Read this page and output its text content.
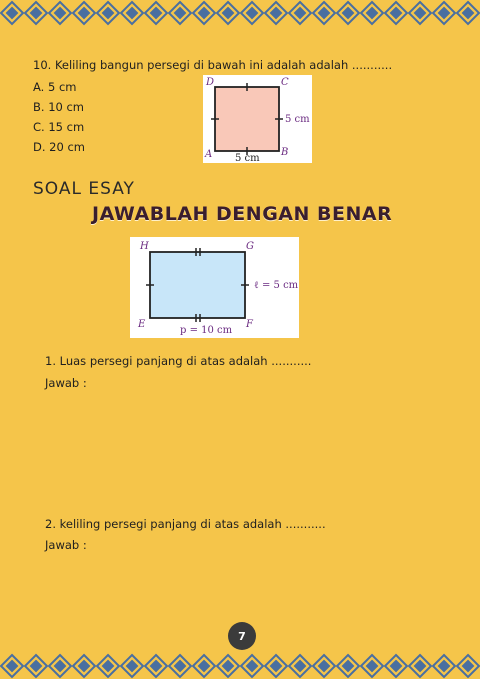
10. Keliling bangun persegi di bawah ini adalah adalah ...........
A. 5 cm
B. 10 cm
C. 15 cm
D. 20 cm
D	C
A	B
5 cm
5 cm
SOAL ESAY
JAWABLAH DENGAN BENAR
H	G
E	F
ℓ = 5 cm
p = 10 cm
1. Luas persegi panjang di atas adalah ...........
Jawab :
2. keliling persegi panjang di atas adalah ...........
Jawab :
7
